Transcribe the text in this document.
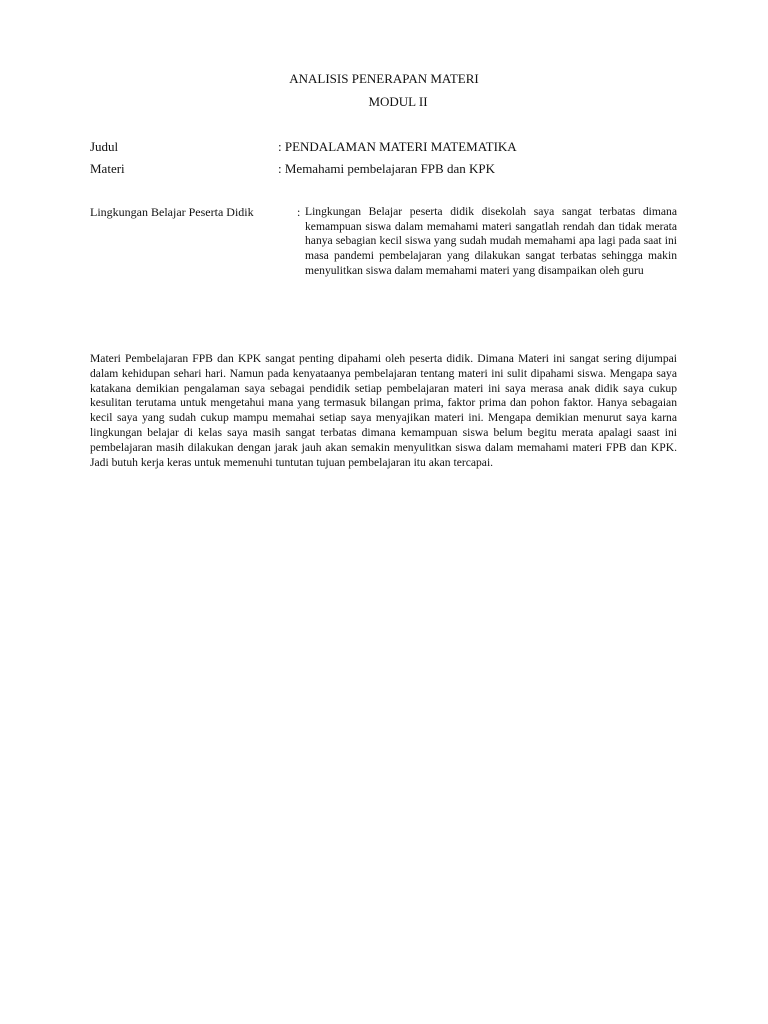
ANALISIS PENERAPAN MATERI
MODUL II
Judul	: PENDALAMAN MATERI MATEMATIKA
Materi	: Memahami pembelajaran FPB dan KPK
Lingkungan Belajar Peserta Didik	: Lingkungan Belajar peserta didik disekolah saya sangat terbatas dimana kemampuan siswa dalam memahami materi sangatlah rendah dan tidak merata hanya sebagian kecil siswa yang sudah mudah memahami apa lagi pada saat ini masa pandemi pembelajaran yang dilakukan sangat terbatas sehingga makin menyulitkan siswa dalam memahami materi yang disampaikan oleh guru
Materi Pembelajaran FPB dan KPK sangat penting dipahami oleh peserta didik. Dimana Materi ini sangat sering dijumpai dalam kehidupan sehari hari. Namun pada kenyataanya pembelajaran tentang materi ini sulit dipahami siswa. Mengapa saya katakana demikian pengalaman saya sebagai pendidik setiap pembelajaran materi ini saya merasa anak didik saya cukup kesulitan terutama untuk mengetahui mana yang termasuk bilangan prima, faktor prima dan pohon faktor. Hanya sebagaian kecil saya yang sudah cukup mampu memahai setiap saya menyajikan materi ini. Mengapa demikian menurut saya karna lingkungan belajar di kelas saya masih sangat terbatas dimana kemampuan siswa belum begitu merata apalagi saast ini pembelajaran masih dilakukan dengan jarak jauh akan semakin menyulitkan siswa dalam memahami materi FPB dan KPK. Jadi butuh kerja keras untuk memenuhi tuntutan tujuan pembelajaran itu akan tercapai.
